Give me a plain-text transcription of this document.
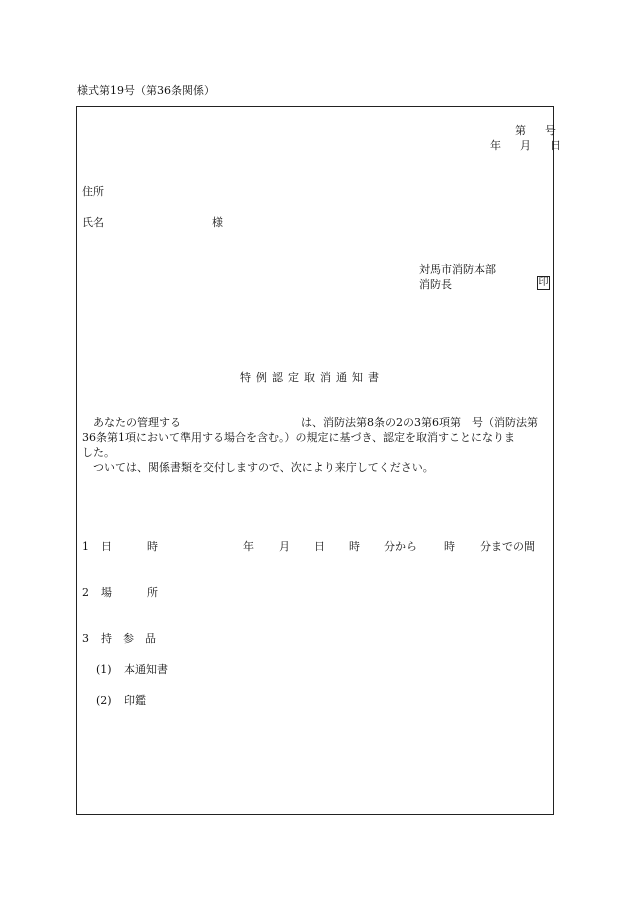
様式第19号（第36条関係）
第　号
年　月　日
住所
氏名	様
対馬市消防本部
消防長	印
特例認定取消通知書

あなたの管理する	は、消防法第8条の2の3第6項第　号（消防法第

36条第1項において準用する場合を含む。）の規定に基づき、認定を取消すことになりま

した。

ついては、関係書類を交付しますので、次により来庁してください。

1 日	時	年 月 日 時 分から 時 分までの間
2 場	所
3 持　参　品
(1) 本通知書
(2) 印鑑
